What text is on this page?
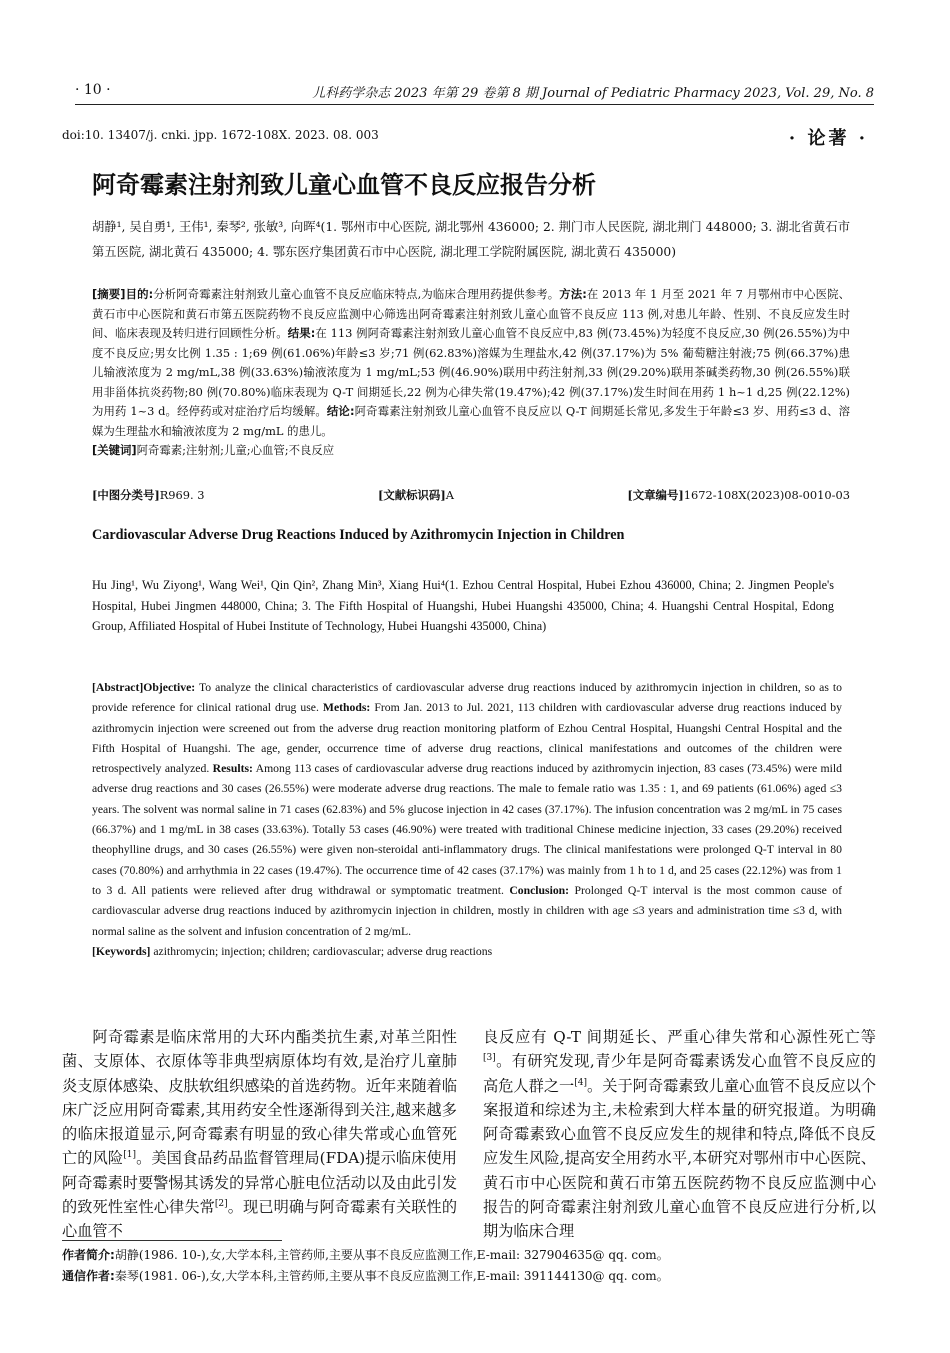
· 10 ·	儿科药学杂志 2023 年第 29 卷第 8 期 Journal of Pediatric Pharmacy 2023, Vol. 29, No. 8
doi:10. 13407/j. cnki. jpp. 1672-108X. 2023. 08. 003	· 论著 ·
阿奇霉素注射剂致儿童心血管不良反应报告分析
胡静¹, 吴自勇¹, 王伟¹, 秦琴², 张敏³, 向晖⁴(1. 鄂州市中心医院, 湖北鄂州 436000; 2. 荆门市人民医院, 湖北荆门 448000; 3. 湖北省黄石市第五医院, 湖北黄石 435000; 4. 鄂东医疗集团黄石市中心医院, 湖北理工学院附属医院, 湖北黄石 435000)
[摘要]目的:分析阿奇霉素注射剂致儿童心血管不良反应临床特点,为临床合理用药提供参考。方法:在 2013 年 1 月至 2021 年 7 月鄂州市中心医院、黄石市中心医院和黄石市第五医院药物不良反应监测中心筛选出阿奇霉素注射剂致儿童心血管不良反应 113 例,对患儿年龄、性别、不良反应发生时间、临床表现及转归进行回顾性分析。结果:在 113 例阿奇霉素注射剂致儿童心血管不良反应中,83 例(73.45%)为轻度不良反应,30 例(26.55%)为中度不良反应;男女比例 1.35 : 1;69 例(61.06%)年龄≤3 岁;71 例(62.83%)溶媒为生理盐水,42 例(37.17%)为 5% 葡萄糖注射液;75 例(66.37%)患儿输液浓度为 2 mg/mL,38 例(33.63%)输液浓度为 1 mg/mL;53 例(46.90%)联用中药注射剂,33 例(29.20%)联用茶碱类药物,30 例(26.55%)联用非甾体抗炎药物;80 例(70.80%)临床表现为 Q-T 间期延长,22 例为心律失常(19.47%);42 例(37.17%)发生时间在用药 1 h~1 d,25 例(22.12%)为用药 1~3 d。经停药或对症治疗后均缓解。结论:阿奇霉素注射剂致儿童心血管不良反应以 Q-T 间期延长常见,多发生于年龄≤3 岁、用药≤3 d、溶媒为生理盐水和输液浓度为 2 mg/mL 的患儿。
[关键词]阿奇霉素;注射剂;儿童;心血管;不良反应
[中图分类号]R969. 3	[文献标识码]A	[文章编号]1672-108X(2023)08-0010-03
Cardiovascular Adverse Drug Reactions Induced by Azithromycin Injection in Children
Hu Jing¹, Wu Ziyong¹, Wang Wei¹, Qin Qin², Zhang Min³, Xiang Hui⁴(1. Ezhou Central Hospital, Hubei Ezhou 436000, China; 2. Jingmen People's Hospital, Hubei Jingmen 448000, China; 3. The Fifth Hospital of Huangshi, Hubei Huangshi 435000, China; 4. Huangshi Central Hospital, Edong Group, Affiliated Hospital of Hubei Institute of Technology, Hubei Huangshi 435000, China)
[Abstract]Objective: To analyze the clinical characteristics of cardiovascular adverse drug reactions induced by azithromycin injection in children, so as to provide reference for clinical rational drug use. Methods: From Jan. 2013 to Jul. 2021, 113 children with cardiovascular adverse drug reactions induced by azithromycin injection were screened out from the adverse drug reaction monitoring platform of Ezhou Central Hospital, Huangshi Central Hospital and the Fifth Hospital of Huangshi. The age, gender, occurrence time of adverse drug reactions, clinical manifestations and outcomes of the children were retrospectively analyzed. Results: Among 113 cases of cardiovascular adverse drug reactions induced by azithromycin injection, 83 cases (73.45%) were mild adverse drug reactions and 30 cases (26.55%) were moderate adverse drug reactions. The male to female ratio was 1.35 : 1, and 69 patients (61.06%) aged ≤3 years. The solvent was normal saline in 71 cases (62.83%) and 5% glucose injection in 42 cases (37.17%). The infusion concentration was 2 mg/mL in 75 cases (66.37%) and 1 mg/mL in 38 cases (33.63%). Totally 53 cases (46.90%) were treated with traditional Chinese medicine injection, 33 cases (29.20%) received theophylline drugs, and 30 cases (26.55%) were given non-steroidal anti-inflammatory drugs. The clinical manifestations were prolonged Q-T interval in 80 cases (70.80%) and arrhythmia in 22 cases (19.47%). The occurrence time of 42 cases (37.17%) was mainly from 1 h to 1 d, and 25 cases (22.12%) was from 1 to 3 d. All patients were relieved after drug withdrawal or symptomatic treatment. Conclusion: Prolonged Q-T interval is the most common cause of cardiovascular adverse drug reactions induced by azithromycin injection in children, mostly in children with age ≤3 years and administration time ≤3 d, with normal saline as the solvent and infusion concentration of 2 mg/mL.
[Keywords] azithromycin; injection; children; cardiovascular; adverse drug reactions
阿奇霉素是临床常用的大环内酯类抗生素,对革兰阳性菌、支原体、衣原体等非典型病原体均有效,是治疗儿童肺炎支原体感染、皮肤软组织感染的首选药物。近年来随着临床广泛应用阿奇霉素,其用药安全性逐渐得到关注,越来越多的临床报道显示,阿奇霉素有明显的致心律失常或心血管死亡的风险[1]。美国食品药品监督管理局(FDA)提示临床使用阿奇霉素时要警惕其诱发的异常心脏电位活动以及由此引发的致死性室性心律失常[2]。现已明确与阿奇霉素有关联性的心血管不
良反应有 Q-T 间期延长、严重心律失常和心源性死亡等[3]。有研究发现,青少年是阿奇霉素诱发心血管不良反应的高危人群之一[4]。关于阿奇霉素致儿童心血管不良反应以个案报道和综述为主,未检索到大样本量的研究报道。为明确阿奇霉素致心血管不良反应发生的规律和特点,降低不良反应发生风险,提高安全用药水平,本研究对鄂州市中心医院、黄石市中心医院和黄石市第五医院药物不良反应监测中心报告的阿奇霉素注射剂致儿童心血管不良反应进行分析,以期为临床合理
作者简介:胡静(1986. 10-),女,大学本科,主管药师,主要从事不良反应监测工作,E-mail: 327904635@ qq. com。
通信作者:秦琴(1981. 06-),女,大学本科,主管药师,主要从事不良反应监测工作,E-mail: 391144130@ qq. com。
